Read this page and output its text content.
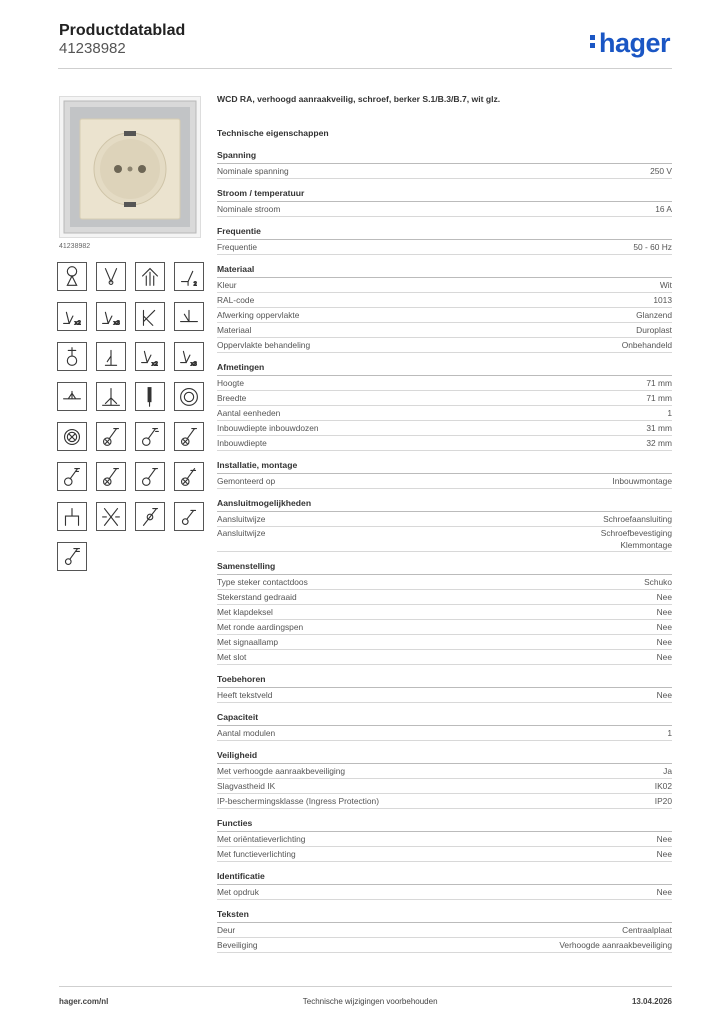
Productdatablad
41238982	hager
41238982
2
x2	x3
x2	x3
WCD RA, verhoogd aanraakveilig, schroef, berker S.1/B.3/B.7, wit glz.
Technische eigenschappen
Spanning
Nominale spanning	250 V
Stroom / temperatuur
Nominale stroom	16 A
Frequentie
Frequentie	50 - 60 Hz
Materiaal
Kleur	Wit
RAL-code	1013
Afwerking oppervlakte	Glanzend
Materiaal	Duroplast
Oppervlakte behandeling	Onbehandeld
Afmetingen
Hoogte	71 mm
Breedte	71 mm
Aantal eenheden	1
Inbouwdiepte inbouwdozen	31 mm
Inbouwdiepte	32 mm
Installatie, montage
Gemonteerd op	Inbouwmontage
Aansluitmogelijkheden
Aansluitwijze	Schroefaansluiting
Aansluitwijze	Schroefbevestiging
Klemmontage
Samenstelling
Type steker contactdoos	Schuko
Stekerstand gedraaid	Nee
Met klapdeksel	Nee
Met ronde aardingspen	Nee
Met signaallamp	Nee
Met slot	Nee
Toebehoren
Heeft tekstveld	Nee
Capaciteit
Aantal modulen	1
Veiligheid
Met verhoogde aanraakbeveiliging	Ja
Slagvastheid IK	IK02
IP-beschermingsklasse (Ingress Protection)	IP20
Functies
Met oriëntatieverlichting	Nee
Met functieverlichting	Nee
Identificatie
Met opdruk	Nee
Teksten
Deur	Centraalplaat
Beveiliging	Verhoogde aanraakbeveiliging
hager.com/nl	Technische wijzigingen voorbehouden	13.04.2026
